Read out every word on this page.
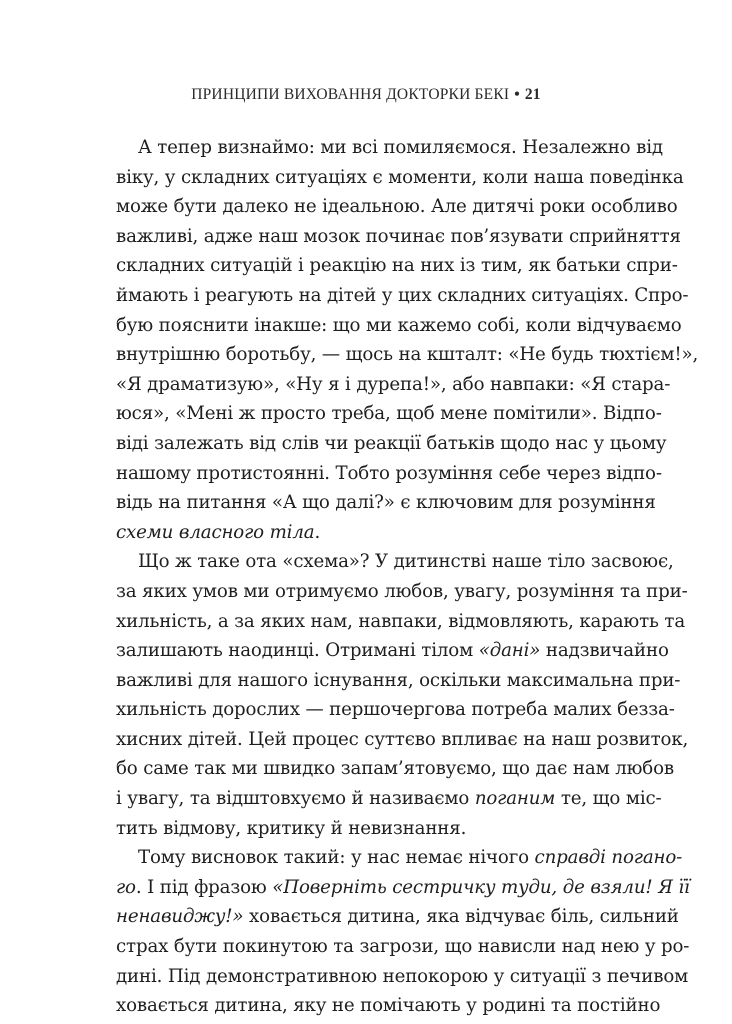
ПРИНЦИПИ ВИХОВАННЯ ДОКТОРКИ БЕКІ • 21
А тепер визнаймо: ми всі помиляємося. Незалежно від
віку, у складних ситуаціях є моменти, коли наша поведінка
може бути далеко не ідеальною. Але дитячі роки особливо
важливі, адже наш мозок починає пов’язувати сприйняття
складних ситуацій і реакцію на них із тим, як батьки спри-
ймають і реагують на дітей у цих складних ситуаціях. Спро-
бую пояснити інакше: що ми кажемо собі, коли відчуваємо
внутрішню боротьбу, — щось на кшталт: «Не будь тюхтієм!»,
«Я драматизую», «Ну я і дурепа!», або навпаки: «Я стара-
юся», «Мені ж просто треба, щоб мене помітили». Відпо-
віді залежать від слів чи реакції батьків щодо нас у цьому
нашому протистоянні. Тобто розуміння себе через відпо-
відь на питання «А що далі?» є ключовим для розуміння
схеми власного тіла.
Що ж таке ота «схема»? У дитинстві наше тіло засвоює,
за яких умов ми отримуємо любов, увагу, розуміння та при-
хильність, а за яких нам, навпаки, відмовляють, карають та
залишають наодинці. Отримані тілом «дані» надзвичайно
важливі для нашого існування, оскільки максимальна при-
хильність дорослих — першочергова потреба малих безза-
хисних дітей. Цей процес суттєво впливає на наш розвиток,
бо саме так ми швидко запам’ятовуємо, що дає нам любов
і увагу, та відштовхуємо й називаємо поганим те, що міс-
тить відмову, критику й невизнання.
Тому висновок такий: у нас немає нічого справді погано-
го. І під фразою «Поверніть сестричку туди, де взяли! Я її
ненавиджу!» ховається дитина, яка відчуває біль, сильний
страх бути покинутою та загрози, що нависли над нею у ро-
дині. Під демонстративною непокорою у ситуації з печивом
ховається дитина, яку не помічають у родині та постійно
